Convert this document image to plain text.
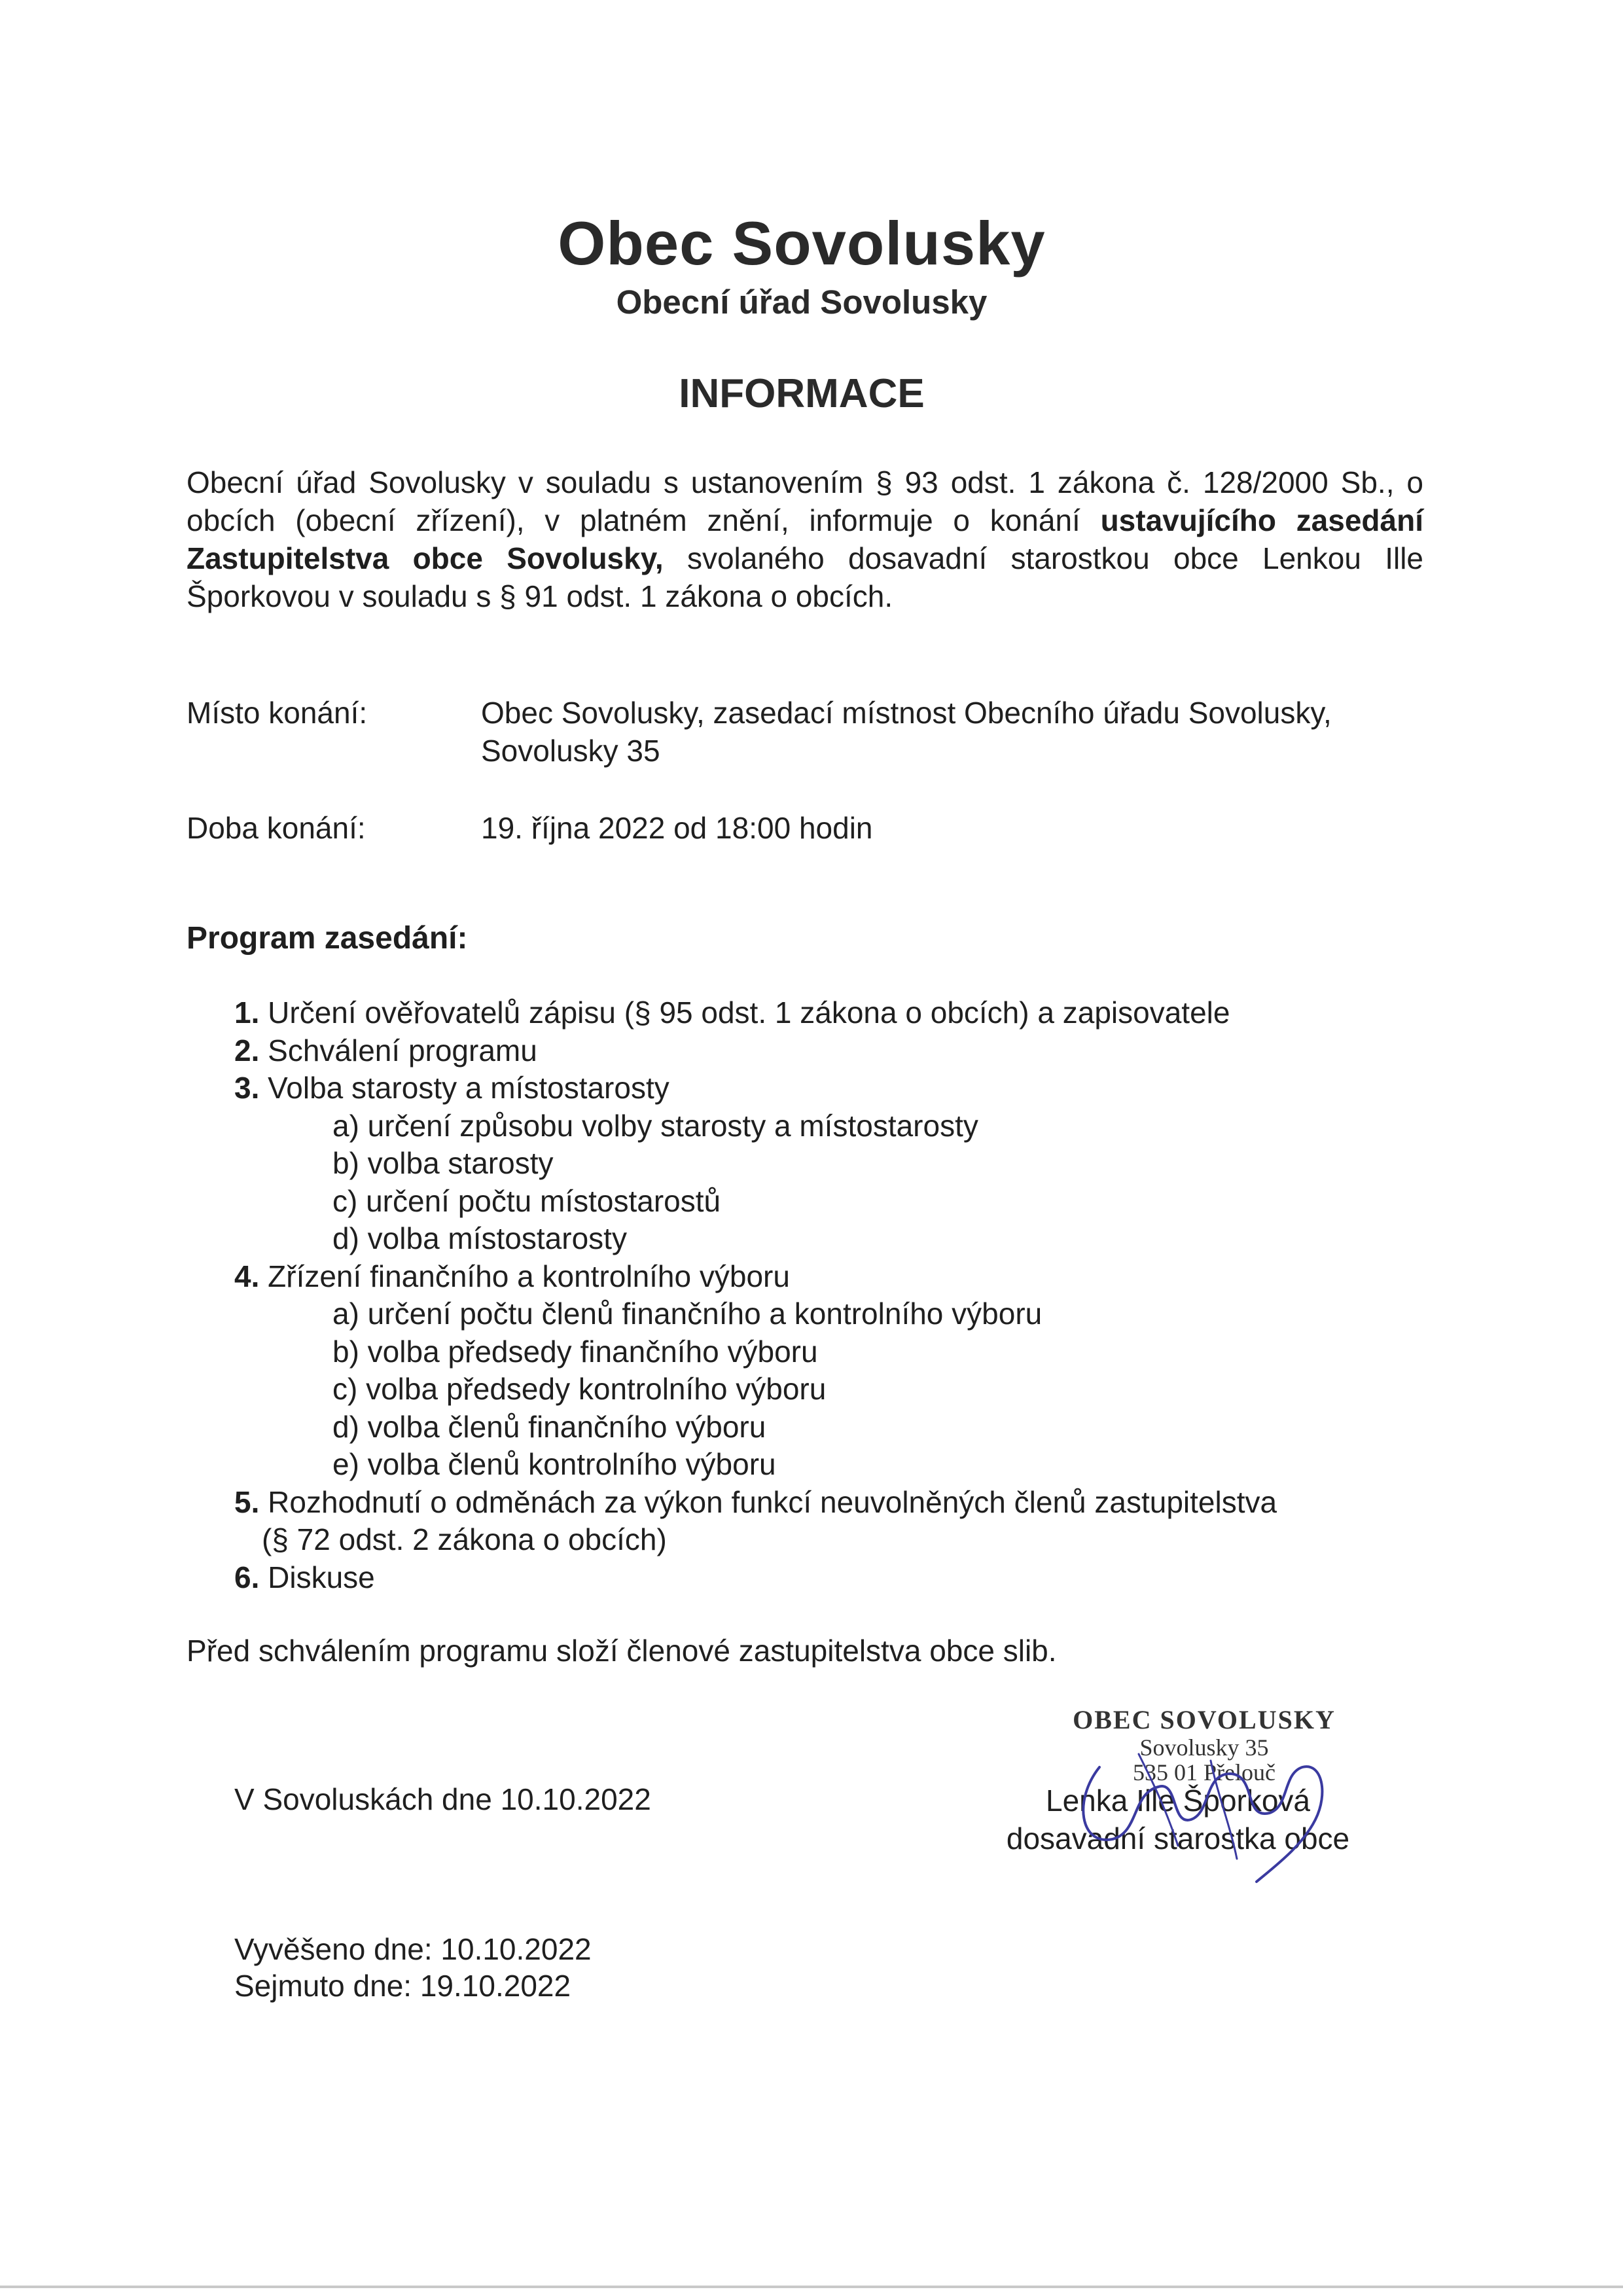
Obec Sovolusky
Obecní úřad Sovolusky
INFORMACE
Obecní úřad Sovolusky v souladu s ustanovením § 93 odst. 1 zákona č. 128/2000 Sb., o obcích (obecní zřízení), v platném znění, informuje o konání ustavujícího zasedání Zastupitelstva obce Sovolusky, svolaného dosavadní starostkou obce Lenkou Ille Šporkovou v souladu s § 91 odst. 1 zákona o obcích.
Místo konání:	Obec Sovolusky, zasedací místnost Obecního úřadu Sovolusky,
Sovolusky 35
Doba konání:	19. října 2022 od 18:00 hodin
Program zasedání:
1. Určení ověřovatelů zápisu (§ 95 odst. 1 zákona o obcích) a zapisovatele
2. Schválení programu
3. Volba starosty a místostarosty
a) určení způsobu volby starosty a místostarosty
b) volba starosty
c) určení počtu místostarostů
d) volba místostarosty
4. Zřízení finančního a kontrolního výboru
a) určení počtu členů finančního a kontrolního výboru
b) volba předsedy finančního výboru
c) volba předsedy kontrolního výboru
d) volba členů finančního výboru
e) volba členů kontrolního výboru
5. Rozhodnutí o odměnách za výkon funkcí neuvolněných členů zastupitelstva
(§ 72 odst. 2 zákona o obcích)
6. Diskuse
Před schválením programu složí členové zastupitelstva obce slib.
V Sovoluskách dne 10.10.2022
OBEC SOVOLUSKY
Sovolusky 35
535 01 Přelouč
Lenka Ille Šporková
dosavadní starostka obce
Vyvěšeno dne: 10.10.2022
Sejmuto dne: 19.10.2022
